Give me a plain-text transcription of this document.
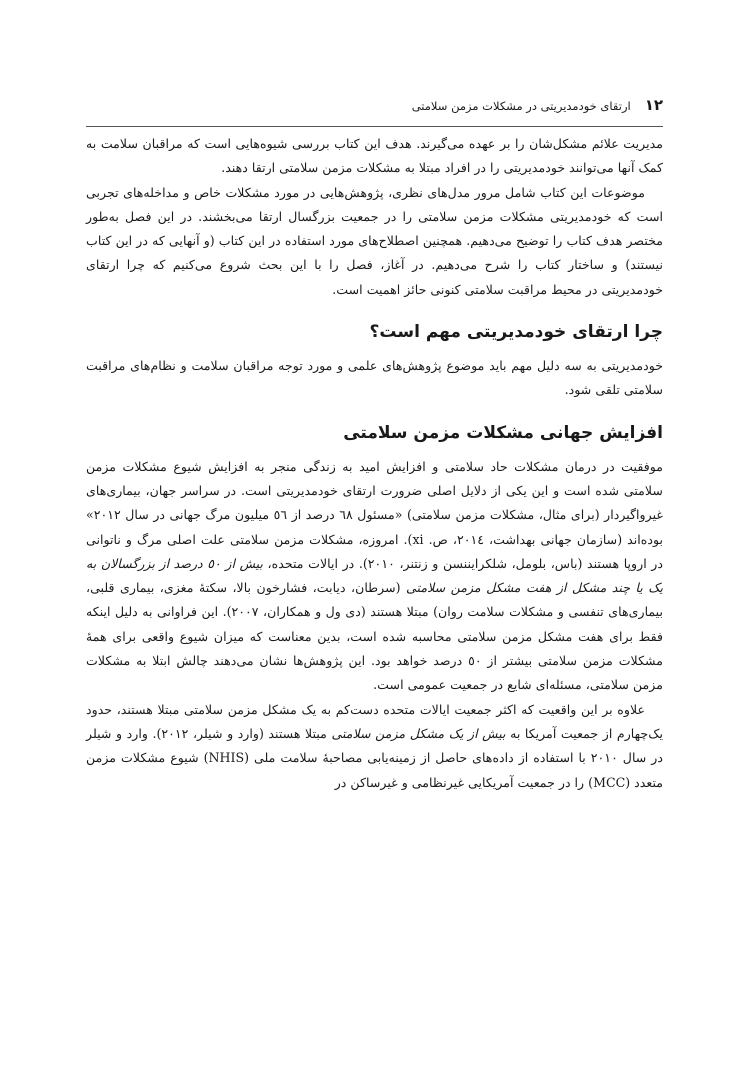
١٢
ارتقای خودمدیریتی در مشکلات مزمن سلامتی

مدیریت علائم مشکل‌شان را بر عهده می‌گیرند. هدف این کتاب بررسی شیوه‌هایی است که مراقبان سلامت به کمک آنها می‌توانند خودمدیریتی را در افراد مبتلا به مشکلات مزمن سلامتی ارتقا دهند.

موضوعات این کتاب شامل مرور مدل‌های نظری، پژوهش‌هایی در مورد مشکلات خاص و مداخله‌های تجربی است که خودمدیریتی مشکلات مزمن سلامتی را در جمعیت بزرگسال ارتقا می‌بخشند. در این فصل به‌طور مختصر هدف کتاب را توضیح می‌دهیم. همچنین اصطلاح‌های مورد استفاده در این کتاب (و آنهایی که در این کتاب نیستند) و ساختار کتاب را شرح می‌دهیم. در آغاز، فصل را با این بحث شروع می‌کنیم که چرا ارتقای خودمدیریتی در محیط مراقبت سلامتی کنونی حائز اهمیت است.

چرا ارتقای خودمدیریتی مهم است؟

خودمدیریتی به سه دلیل مهم باید موضوع پژوهش‌های علمی و مورد توجه مراقبان سلامت و نظام‌های مراقبت سلامتی تلقی شود.

افزایش جهانی مشکلات مزمن سلامتی

موفقیت در درمان مشکلات حاد سلامتی و افزایش امید به زندگی منجر به افزایش شیوع مشکلات مزمن سلامتی شده است و این یکی از دلایل اصلی ضرورت ارتقای خودمدیریتی است. در سراسر جهان، بیماری‌های غیرواگیردار (برای مثال، مشکلات مزمن سلامتی) «مسئول ٦٨ درصد از ٥٦ میلیون مرگ جهانی در سال ٢٠١٢» بوده‌اند (سازمان جهانی بهداشت، ٢٠١٤، ص. xi). امروزه، مشکلات مزمن سلامتی علت اصلی مرگ و ناتوانی در اروپا هستند (باس، بلومل، شلکرایننسن و زنتنر، ٢٠١٠). در ایالات متحده، بیش از ٥٠ درصد از بزرگسالان به یک یا چند مشکل از هفت مشکل مزمن سلامتی (سرطان، دیابت، فشارخون بالا، سکتهٔ مغزی، بیماری قلبی، بیماری‌های تنفسی و مشکلات سلامت روان) مبتلا هستند (دی ول و همکاران، ٢٠٠٧). این فراوانی به دلیل اینکه فقط برای هفت مشکل مزمن سلامتی محاسبه شده است، بدین معناست که میزان شیوع واقعی برای همهٔ مشکلات مزمن سلامتی بیشتر از ٥٠ درصد خواهد بود. این پژوهش‌ها نشان می‌دهند چالش ابتلا به مشکلات مزمن سلامتی، مسئله‌ای شایع در جمعیت عمومی است.

علاوه بر این واقعیت که اکثر جمعیت ایالات متحده دست‌کم به یک مشکل مزمن سلامتی مبتلا هستند، حدود یک‌چهارم از جمعیت آمریکا به بیش از یک مشکل مزمن سلامتی مبتلا هستند (وارد و شیلر، ٢٠١٢). وارد و شیلر در سال ٢٠١٠ با استفاده از داده‌های حاصل از زمینه‌یابی مصاحبهٔ سلامت ملی (NHIS) شیوع مشکلات مزمن متعدد (MCC) را در جمعیت آمریکایی غیرنظامی و غیرساکن در
